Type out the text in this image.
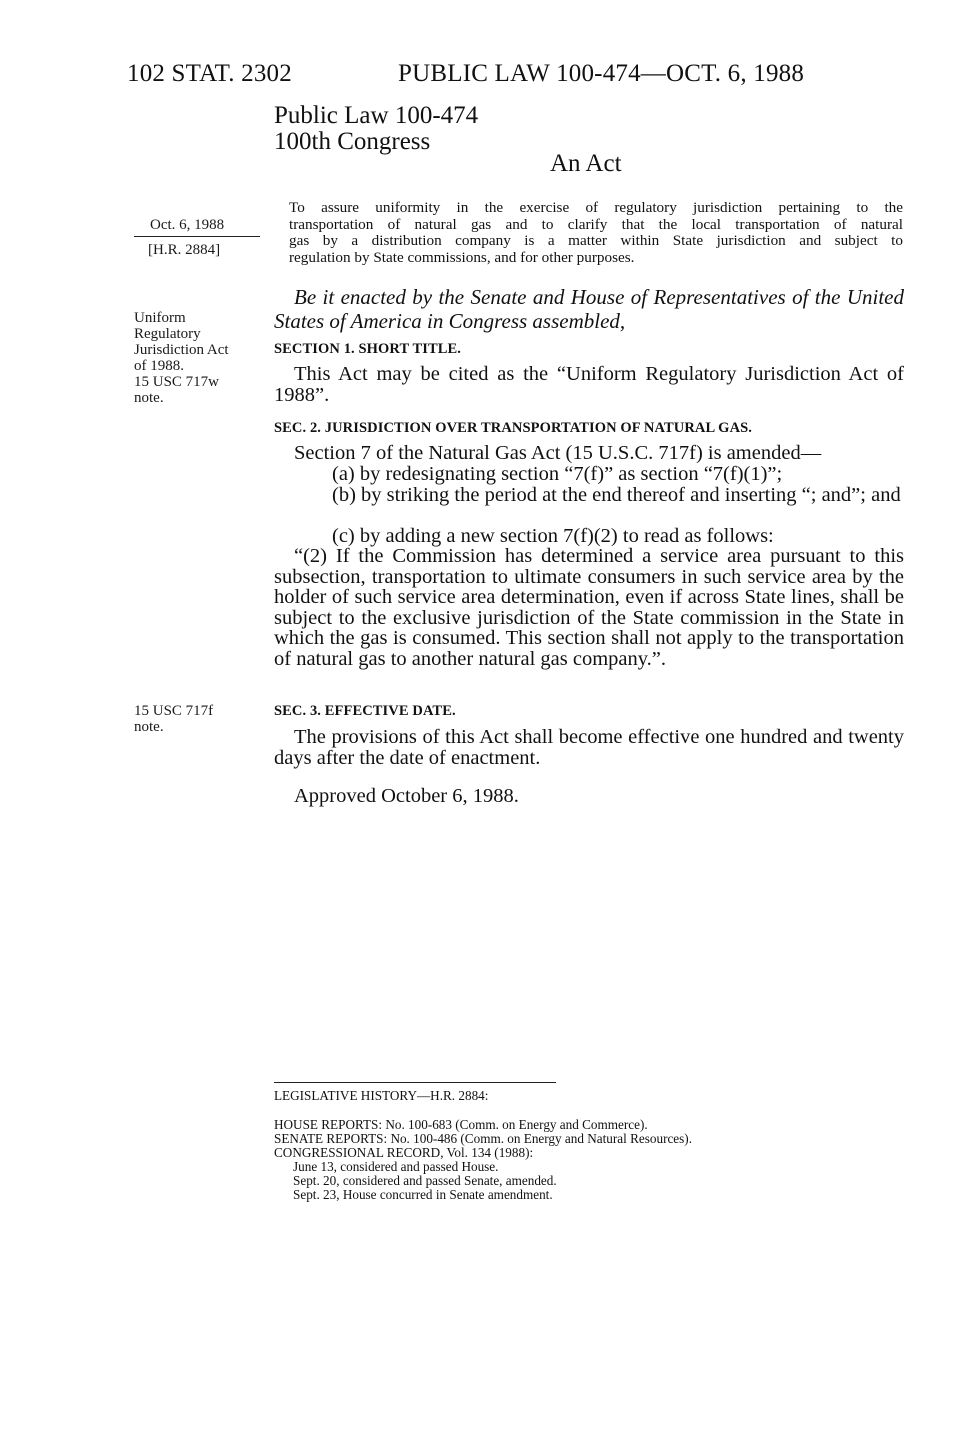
102 STAT. 2302	PUBLIC LAW 100-474—OCT. 6, 1988
Public Law 100-474
100th Congress
An Act
Oct. 6, 1988
[H.R. 2884]
Uniform
Regulatory
Jurisdiction Act
of 1988.
15 USC 717w
note.
15 USC 717f
note.
To assure uniformity in the exercise of regulatory jurisdiction pertaining to the
transportation of natural gas and to clarify that the local transportation of natural
gas by a distribution company is a matter within State jurisdiction and subject to
regulation by State commissions, and for other purposes.
Be it enacted by the Senate and House of Representatives of the United States of America in Congress assembled,
SECTION 1. SHORT TITLE.
This Act may be cited as the “Uniform Regulatory Jurisdiction Act of 1988”.
SEC. 2. JURISDICTION OVER TRANSPORTATION OF NATURAL GAS.
Section 7 of the Natural Gas Act (15 U.S.C. 717f) is amended—
(a) by redesignating section “7(f)” as section “7(f)(1)”;
(b) by striking the period at the end thereof and inserting “; and”; and
(c) by adding a new section 7(f)(2) to read as follows:
“(2) If the Commission has determined a service area pursuant to this subsection, transportation to ultimate consumers in such service area by the holder of such service area determination, even if across State lines, shall be subject to the exclusive jurisdiction of the State commission in the State in which the gas is consumed. This section shall not apply to the transportation of natural gas to another natural gas company.”.
SEC. 3. EFFECTIVE DATE.
The provisions of this Act shall become effective one hundred and twenty days after the date of enactment.
Approved October 6, 1988.
LEGISLATIVE HISTORY—H.R. 2884:
HOUSE REPORTS: No. 100-683 (Comm. on Energy and Commerce).
SENATE REPORTS: No. 100-486 (Comm. on Energy and Natural Resources).
CONGRESSIONAL RECORD, Vol. 134 (1988):
June 13, considered and passed House.
Sept. 20, considered and passed Senate, amended.
Sept. 23, House concurred in Senate amendment.
